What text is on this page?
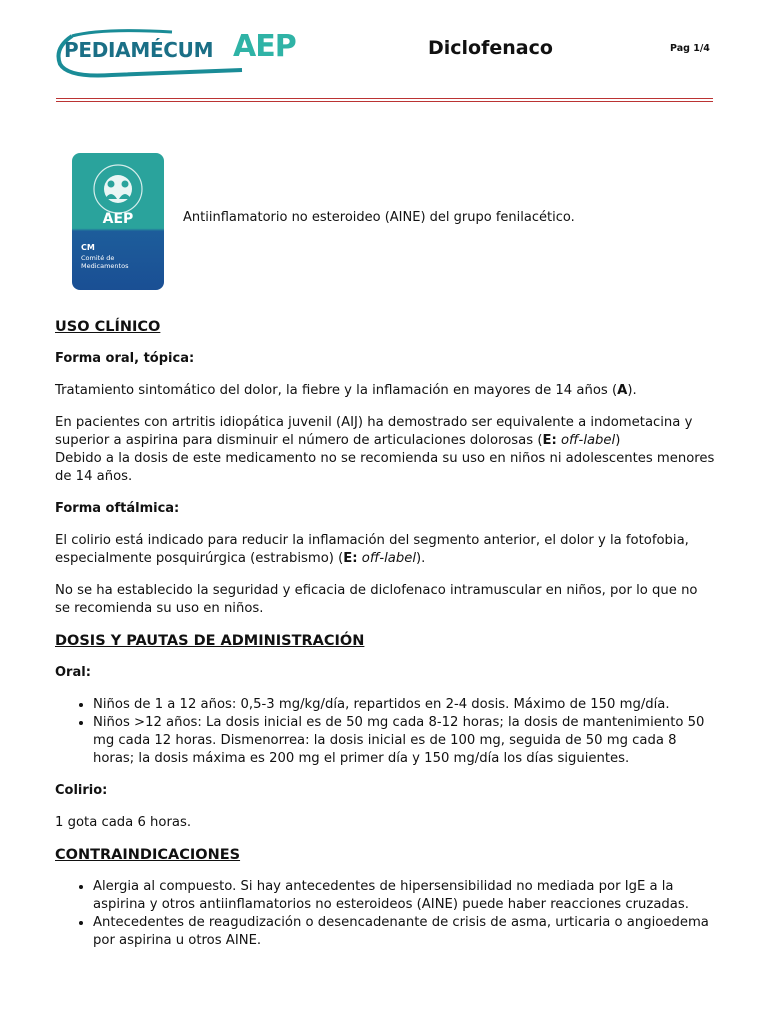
PEDIAMÉCUM AEP	Diclofenaco	Pag 1/4
AEP
CM
Comité de Medicamentos
Antiinflamatorio no esteroideo (AINE) del grupo fenilacético.
USO CLÍNICO
Forma oral, tópica:
Tratamiento sintomático del dolor, la fiebre y la inflamación en mayores de 14 años (A).
En pacientes con artritis idiopática juvenil (AIJ) ha demostrado ser equivalente a indometacina y superior a aspirina para disminuir el número de articulaciones dolorosas (E: off-label)
Debido a la dosis de este medicamento no se recomienda su uso en niños ni adolescentes menores de 14 años.
Forma oftálmica:
El colirio está indicado para reducir la inflamación del segmento anterior, el dolor y la fotofobia, especialmente posquirúrgica (estrabismo) (E: off-label).
No se ha establecido la seguridad y eficacia de diclofenaco intramuscular en niños, por lo que no se recomienda su uso en niños.
DOSIS Y PAUTAS DE ADMINISTRACIÓN
Oral:
• Niños de 1 a 12 años: 0,5-3 mg/kg/día, repartidos en 2-4 dosis. Máximo de 150 mg/día.
• Niños >12 años: La dosis inicial es de 50 mg cada 8-12 horas; la dosis de mantenimiento 50 mg cada 12 horas. Dismenorrea: la dosis inicial es de 100 mg, seguida de 50 mg cada 8 horas; la dosis máxima es 200 mg el primer día y 150 mg/día los días siguientes.
Colirio:
1 gota cada 6 horas.
CONTRAINDICACIONES
• Alergia al compuesto. Si hay antecedentes de hipersensibilidad no mediada por IgE a la aspirina y otros antiinflamatorios no esteroideos (AINE) puede haber reacciones cruzadas.
• Antecedentes de reagudización o desencadenante de crisis de asma, urticaria o angioedema por aspirina u otros AINE.
